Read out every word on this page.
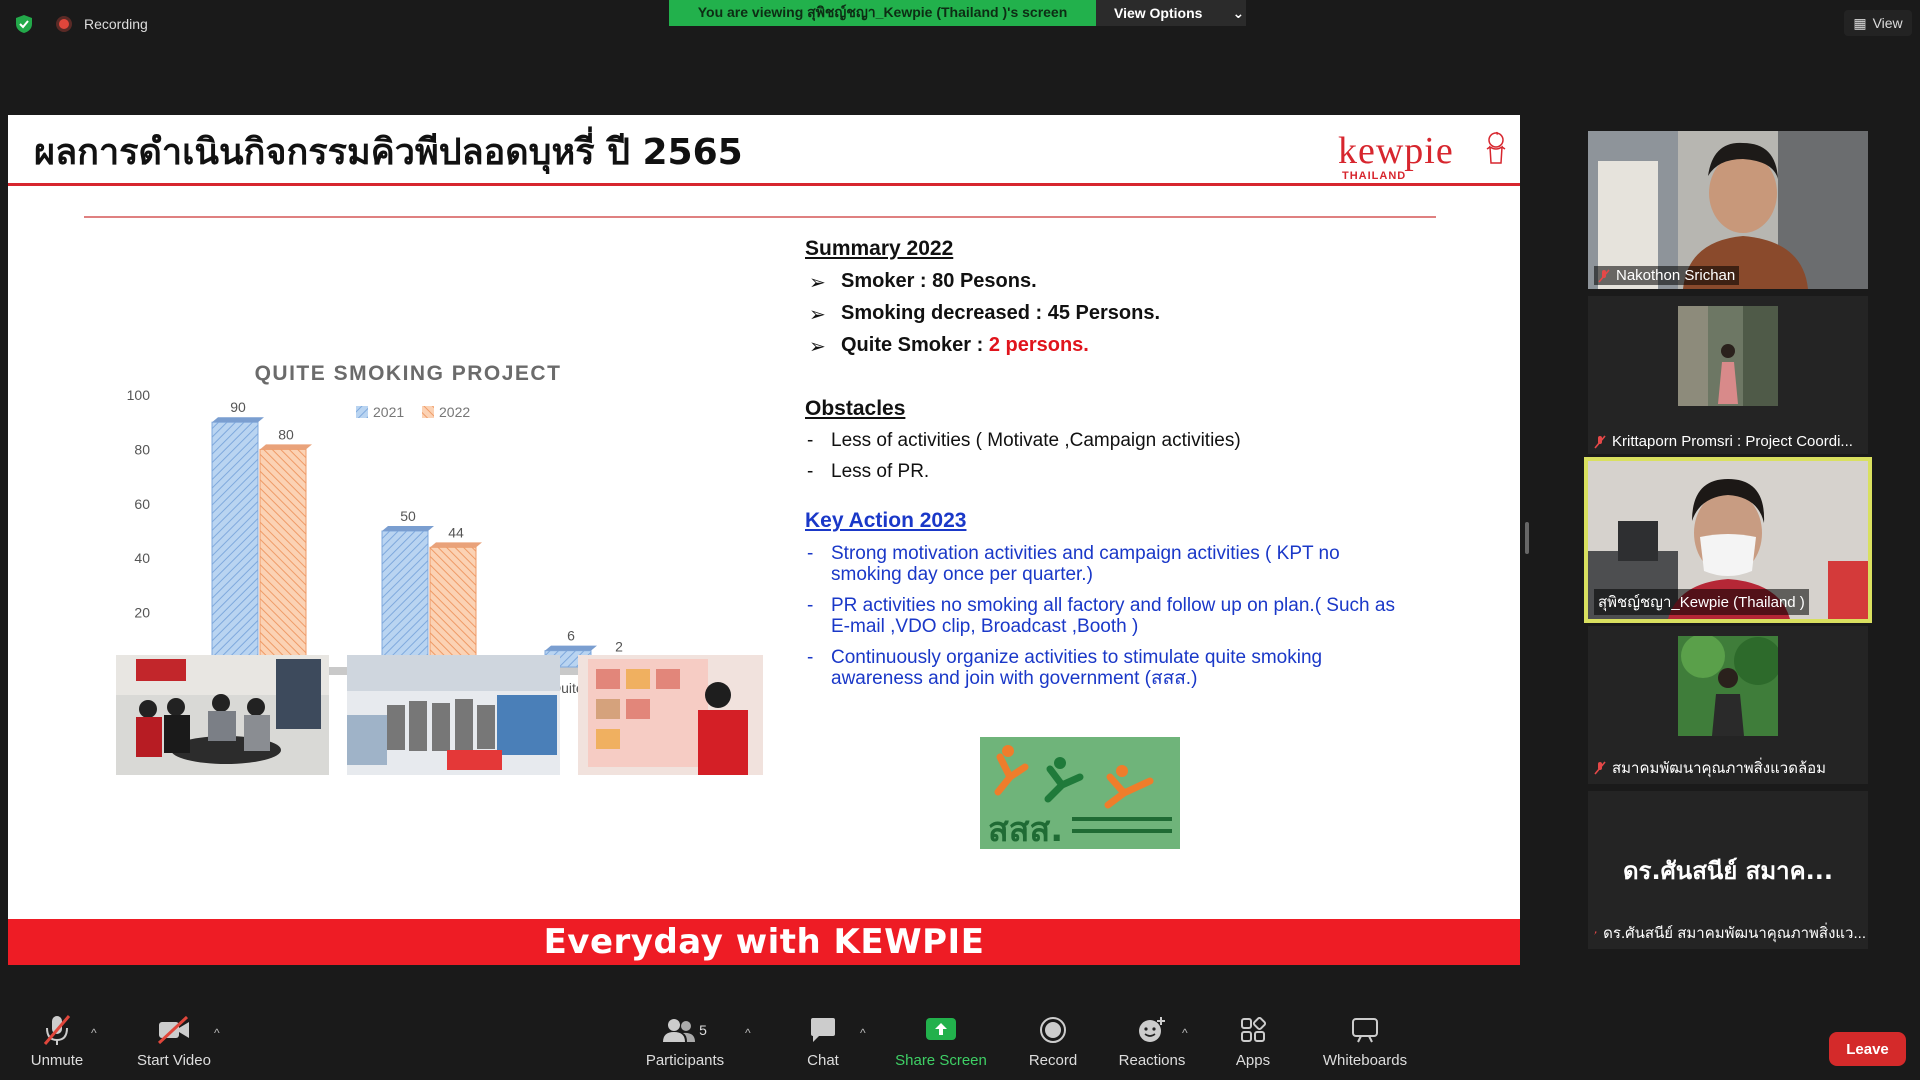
Recording
You are viewing สุพิชญ์ชญา_Kewpie (Thailand )'s screen	View Options ⌄
▦ View
ผลการดำเนินกิจกรรมคิวพีปลอดบุหรี่ ปี 2565	kewpie
THAILAND
QUITE SMOKING PROJECT
2021 2022
20
40
60
80
100
90
80
50
44
6
2
Quite
Summary 2022
➢ Smoker : 80 Pesons.
➢ Smoking decreased : 45 Persons.
➢ Quite Smoker : 2 persons.
Obstacles
- Less of activities ( Motivate ,Campaign activities)
- Less of PR.
Key Action 2023
- Strong motivation activities and campaign activities ( KPT no smoking day once per quarter.)
- PR activities no smoking all factory and follow up on plan.( Such as E-mail ,VDO clip, Broadcast ,Booth )
- Continuously organize activities to stimulate quite smoking awareness and join with government (สสส.)
สสส.
Everyday with KEWPIE
Nakothon Srichan
Krittaporn Promsri : Project Coordi...
สุพิชญ์ชญา_Kewpie (Thailand )
สมาคมพัฒนาคุณภาพสิ่งแวดล้อม
ดร.ศันสนีย์ สมาค...
ดร.ศันสนีย์ สมาคมพัฒนาคุณภาพสิ่งแว...
Unmute
^
Start Video
^	5
Participants
^
Chat
^
Share Screen	Record	Reactions
^
Apps	Whiteboards
Leave
